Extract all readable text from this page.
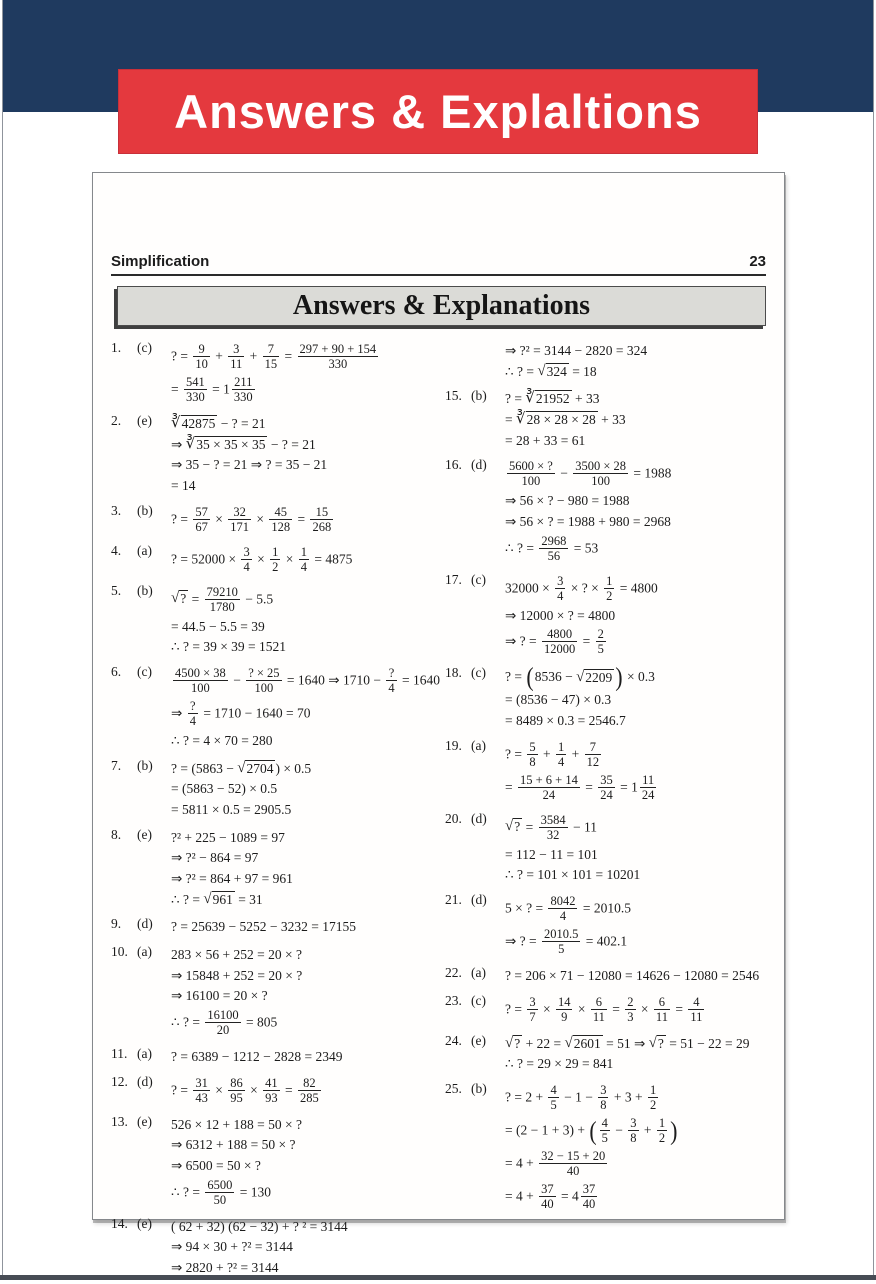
Answers & Explaltions
Simplification	23
Answers & Explanations
1.	(c)
? = $\frac{9}{10} + \frac{3}{11} + \frac{7}{15} = \frac{297 + 90 + 154}{330}$
= $\frac{541}{330} = 1 \frac{211}{330}$
2.	(e)	∛42875 − ? = 21
⇒ ∛35 × 35 × 35 − ? = 21
⇒ 35 − ? = 21 ⇒ ? = 35 − 21
= 14
3.	(b)
? = $\frac{57}{67} \times \frac{32}{171} \times \frac{45}{128} = \frac{15}{268}$
4.	(a)
? = $52000 \times \frac{3}{4} \times \frac{1}{2} \times \frac{1}{4} = 4875$
5.	(b)
√? = $\frac{79210}{1780} - 5.5$
= 44.5 − 5.5 = 39
∴ ? = 39 × 39 = 1521
6.	(c)	$\frac{4500 \times 38}{100} - \frac{? \times 25}{100} = 1640$ ⇒ $1710 - \frac{?}{4} = 1640$
⇒ $\frac{?}{4} = 1710 - 1640 = 70$
∴ ? = 4 × 70 = 280
7.	(b)	? = (5863 − √2704 ) × 0.5
= (5863 − 52) × 0.5
= 5811 × 0.5 = 2905.5
8.	(e)	?² + 225 − 1089 = 97
⇒ ?² − 864 = 97
⇒ ?² = 864 + 97 = 961
∴ ? = √961 = 31
9.	(d)	? = 25639 − 5252 − 3232 = 17155
10. (a)	283 × 56 + 252 = 20 × ?
⇒ 15848 + 252 = 20 × ?
⇒ 16100 = 20 × ?
∴ ? = $\frac{16100}{20} = 805$
11. (a)	? = 6389 − 1212 − 2828 = 2349
12. (d)
? = $\frac{31}{43} \times \frac{86}{95} \times \frac{41}{93} = \frac{82}{285}$
13. (e)	526 × 12 + 188 = 50 × ?
⇒ 6312 + 188 = 50 × ?
⇒ 6500 = 50 × ?
∴ ? = $\frac{6500}{50} = 130$
14. (e)	( 62 + 32) (62 − 32) + ? ² = 3144
⇒ 94 × 30 + ?² = 3144
⇒ 2820 + ?² = 3144
⇒ ?² = 3144 − 2820 = 324
∴ ? = √324 = 18
15. (b)	? = ∛21952 + 33
= ∛28 × 28 × 28 + 33
= 28 + 33 = 61
16. (d)	$\frac{5600 \times ?}{100} - \frac{3500 \times 28}{100} = 1988$
⇒ 56 × ? − 980 = 1988
⇒ 56 × ? = 1988 + 980 = 2968
∴ ? = $\frac{2968}{56} = 53$
17. (c)
$32000 \times \frac{3}{4}$ × ? × $\frac{1}{2} = 4800$
⇒ 12000 × ? = 4800
⇒ ? = $\frac{4800}{12000} = \frac{2}{5}$
18. (c)	? = (8536 − √2209 ) × 0.3
= (8536 − 47) × 0.3
= 8489 × 0.3 = 2546.7
19. (a)
? = $\frac{5}{8} + \frac{1}{4} + \frac{7}{12}$
= $\frac{15 + 6 + 14}{24} = \frac{35}{24} = 1 \frac{11}{24}$
20. (d)
√? = $\frac{3584}{32} - 11$
= 112 − 11 = 101
∴ ? = 101 × 101 = 10201
21. (d)
5 × ? = $\frac{8042}{4} = 2010.5$
⇒ ? = $\frac{2010.5}{5} = 402.1$
22. (a)	? = 206 × 71 − 12080 = 14626 − 12080 = 2546
23. (c)
? = $\frac{3}{7} \times \frac{14}{9} \times \frac{6}{11} = \frac{2}{3} \times \frac{6}{11} = \frac{4}{11}$
24. (e)	√? + 22 = √2601 = 51 ⇒ √? = 51 − 22 = 29
∴ ? = 29 × 29 = 841
25. (b)
? = $2 + \frac{4}{5} - 1 - \frac{3}{8} + 3 + \frac{1}{2}$
= (2 − 1 + 3) + ( $\frac{4}{5} - \frac{3}{8} + \frac{1}{2}$ )
= $4 + \frac{32 - 15 + 20}{40}$
= $4 + \frac{37}{40} = 4 \frac{37}{40}$
